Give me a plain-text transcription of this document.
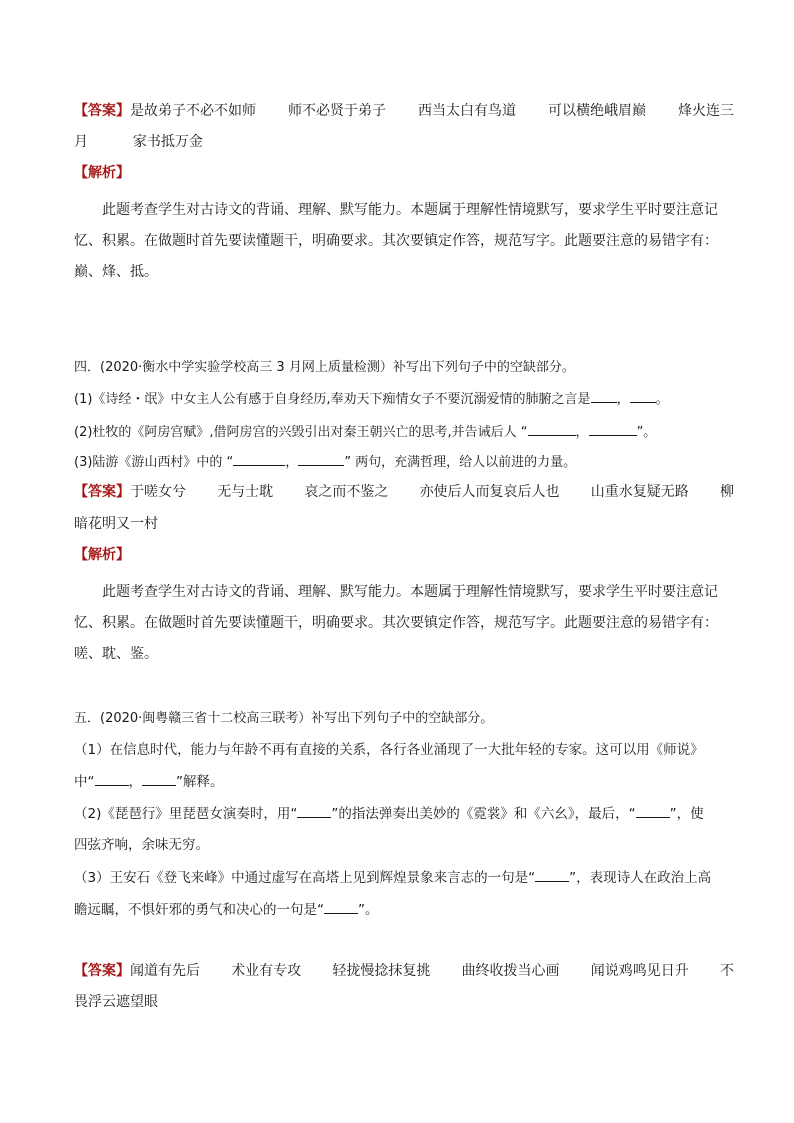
【答案】是故弟子不必不如师 师不必贤于弟子 西当太白有鸟道 可以横绝峨眉巅 烽火连三
月	家书抵万金
【解析】
此题考查学生对古诗文的背诵、理解、默写能力。本题属于理解性情境默写，要求学生平时要注意记
忆、积累。在做题时首先要读懂题干，明确要求。其次要镇定作答，规范写字。此题要注意的易错字有：
巅、烽、抵。
四．(2020·衡水中学实验学校高三 3 月网上质量检测）补写出下列句子中的空缺部分。
(1)《诗经・氓》中女主人公有感于自身经历,奉劝天下痴情女子不要沉溺爱情的肺腑之言是 ， 。
(2)杜牧的《阿房宫赋》,借阿房宫的兴毁引出对秦王朝兴亡的思考,并告诫后人 “	，	”。
(3)陆游《游山西村》中的 “	，	” 两句，充满哲理，给人以前进的力量。
【答案】于嗟女兮 无与士耽 哀之而不鉴之 亦使后人而复哀后人也 山重水复疑无路 柳
暗花明又一村
【解析】
此题考查学生对古诗文的背诵、理解、默写能力。本题属于理解性情境默写，要求学生平时要注意记
忆、积累。在做题时首先要读懂题干，明确要求。其次要镇定作答，规范写字。此题要注意的易错字有：
嗟、耽、鉴。
五．(2020·闽粤赣三省十二校高三联考）补写出下列句子中的空缺部分。
（1）在信息时代，能力与年龄不再有直接的关系，各行各业涌现了一大批年轻的专家。这可以用《师说》
中“	，	”解释。
（2)《琵琶行》里琵琶女演奏时，用“	”的指法弹奏出美妙的《霓裳》和《六幺》，最后，“	”，使
四弦齐响，余味无穷。
（3）王安石《登飞来峰》中通过虚写在高塔上见到辉煌景象来言志的一句是“	”，表现诗人在政治上高
瞻远瞩，不惧奸邪的勇气和决心的一句是“	”。
【答案】闻道有先后 术业有专攻 轻拢慢捻抹复挑 曲终收拨当心画 闻说鸡鸣见日升 不
畏浮云遮望眼
